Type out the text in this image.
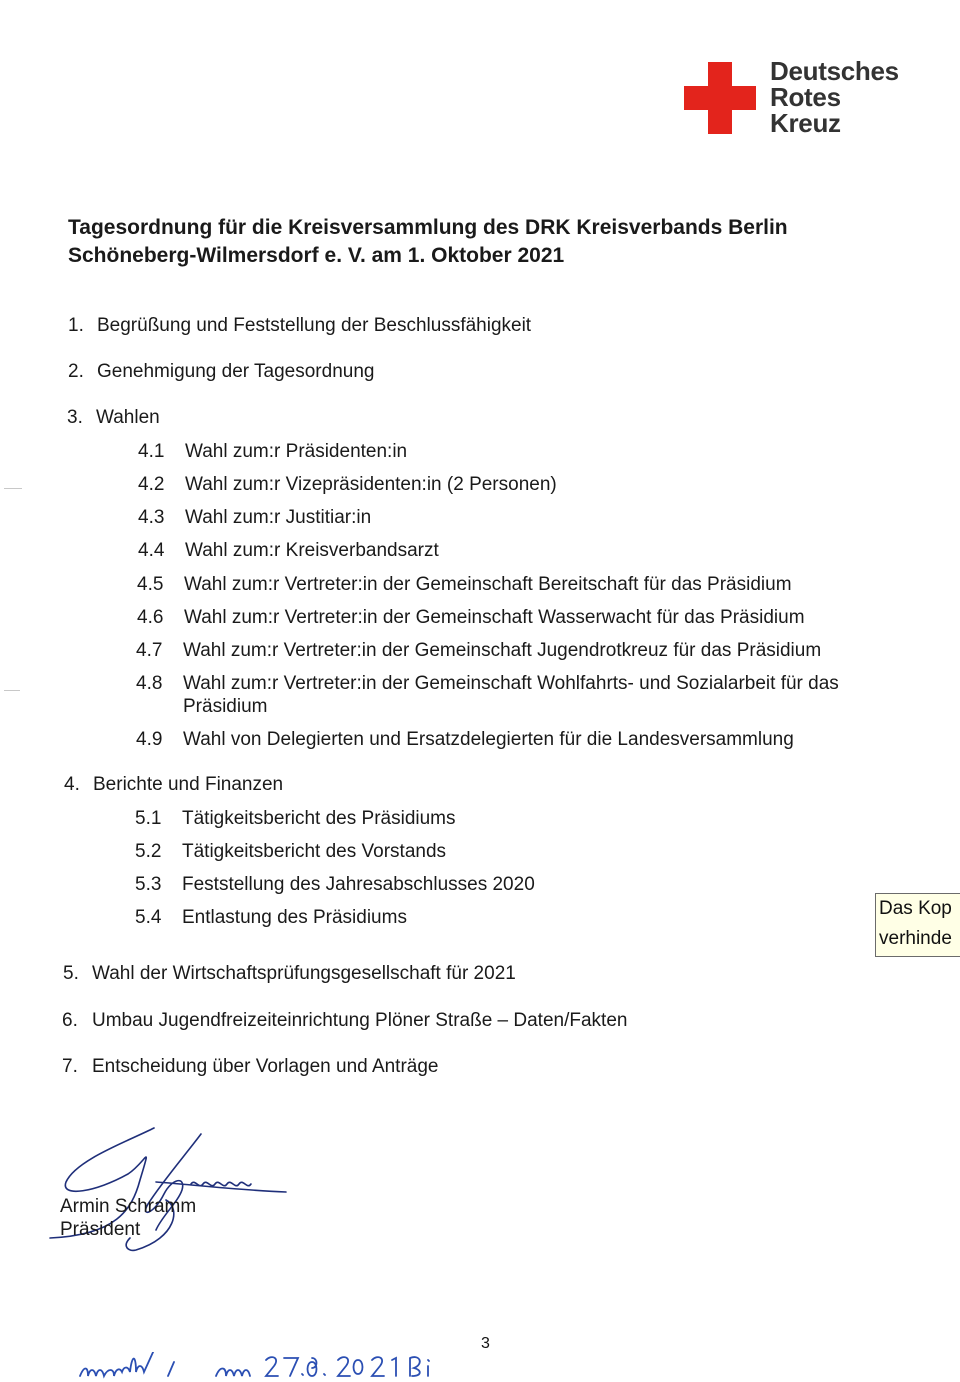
Deutsches
Rotes
Kreuz
Tagesordnung für die Kreisversammlung des DRK Kreisverbands Berlin
Schöneberg-Wilmersdorf e. V. am 1. Oktober 2021
1. Begrüßung und Feststellung der Beschlussfähigkeit
2. Genehmigung der Tagesordnung
3. Wahlen
4.1 Wahl zum:r Präsidenten:in
4.2 Wahl zum:r Vizepräsidenten:in (2 Personen)
4.3 Wahl zum:r Justitiar:in
4.4 Wahl zum:r Kreisverbandsarzt
4.5 Wahl zum:r Vertreter:in der Gemeinschaft Bereitschaft für das Präsidium
4.6 Wahl zum:r Vertreter:in der Gemeinschaft Wasserwacht für das Präsidium
4.7 Wahl zum:r Vertreter:in der Gemeinschaft Jugendrotkreuz für das Präsidium
4.8 Wahl zum:r Vertreter:in der Gemeinschaft Wohlfahrts- und Sozialarbeit für das
Präsidium
4.9 Wahl von Delegierten und Ersatzdelegierten für die Landesversammlung
4. Berichte und Finanzen
5.1 Tätigkeitsbericht des Präsidiums
5.2 Tätigkeitsbericht des Vorstands
5.3 Feststellung des Jahresabschlusses 2020
5.4 Entlastung des Präsidiums
5. Wahl der Wirtschaftsprüfungsgesellschaft für 2021
6. Umbau Jugendfreizeiteinrichtung Plöner Straße – Daten/Fakten
7. Entscheidung über Vorlagen und Anträge
Das Kop
verhinde
Armin Schramm
Präsident
3
